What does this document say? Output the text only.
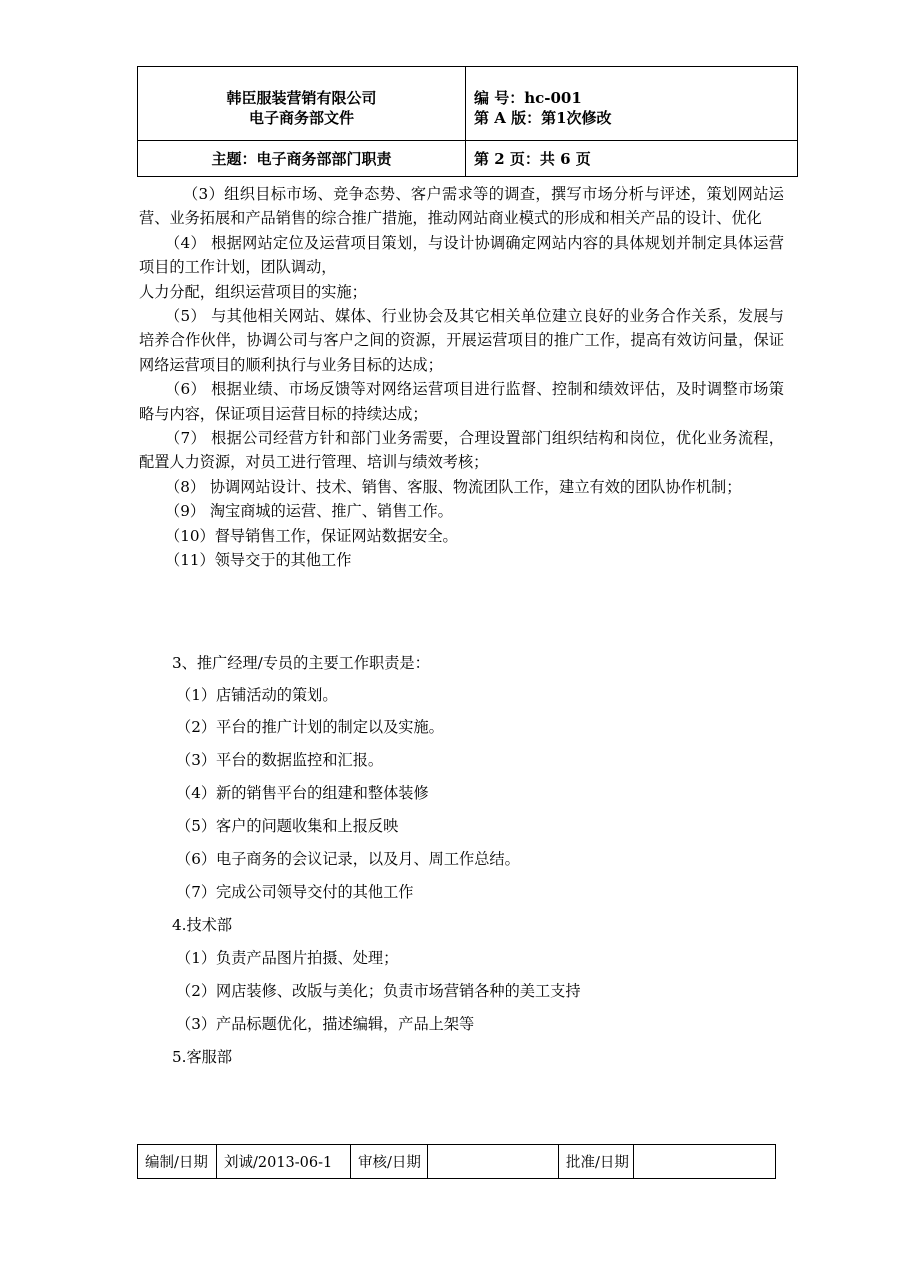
韩臣服装营销有限公司	编 号：hc-001
电子商务部文件	第 A 版：第1次修改
主题：电子商务部部门职责	第 2 页：共 6 页

（3）组织目标市场、竞争态势、客户需求等的调查，撰写市场分析与评述，策划网站运营、业务拓展和产品销售的综合推广措施，推动网站商业模式的形成和相关产品的设计、优化

（4） 根据网站定位及运营项目策划，与设计协调确定网站内容的具体规划并制定具体运营项目的工作计划，团队调动，

人力分配，组织运营项目的实施；

（5） 与其他相关网站、媒体、行业协会及其它相关单位建立良好的业务合作关系，发展与培养合作伙伴，协调公司与客户之间的资源，开展运营项目的推广工作，提高有效访问量，保证网络运营项目的顺利执行与业务目标的达成；

（6） 根据业绩、市场反馈等对网络运营项目进行监督、控制和绩效评估，及时调整市场策略与内容，保证项目运营目标的持续达成；

（7） 根据公司经营方针和部门业务需要，合理设置部门组织结构和岗位，优化业务流程，配置人力资源，对员工进行管理、培训与绩效考核；

（8） 协调网站设计、技术、销售、客服、物流团队工作，建立有效的团队协作机制；

（9） 淘宝商城的运营、推广、销售工作。

（10）督导销售工作，保证网站数据安全。

（11）领导交于的其他工作

3、推广经理/专员的主要工作职责是：

（1）店铺活动的策划。

（2）平台的推广计划的制定以及实施。

（3）平台的数据监控和汇报。

（4）新的销售平台的组建和整体装修

（5）客户的问题收集和上报反映

（6）电子商务的会议记录，以及月、周工作总结。

（7）完成公司领导交付的其他工作

4.技术部

（1）负责产品图片拍摄、处理；

（2）网店装修、改版与美化；负责市场营销各种的美工支持

（3）产品标题优化，描述编辑，产品上架等

5.客服部

编制/日期	刘诚/2013-06-1	审核/日期		批准/日期	
